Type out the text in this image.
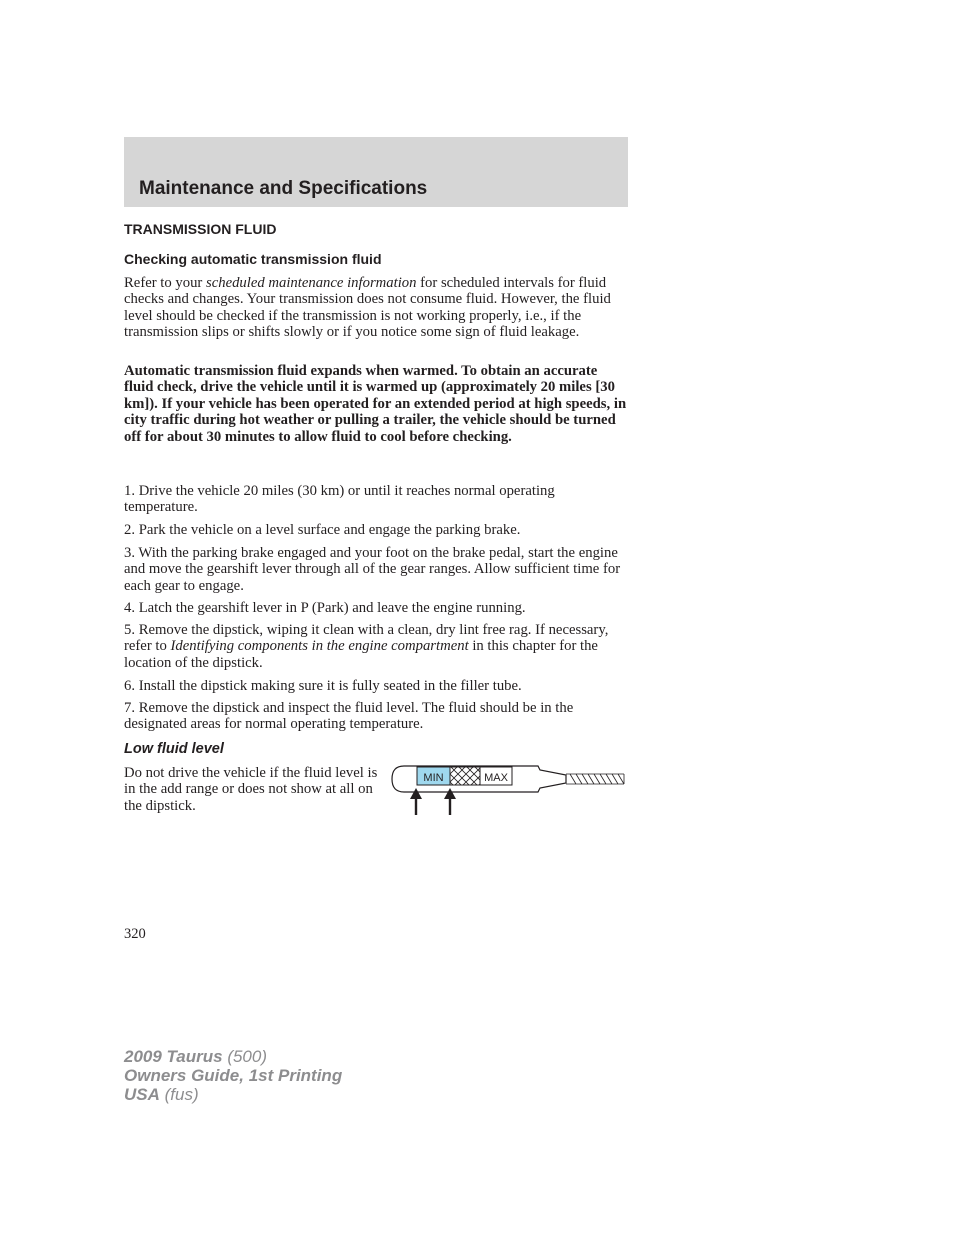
Maintenance and Specifications
TRANSMISSION FLUID
Checking automatic transmission fluid

Refer to your scheduled maintenance information for scheduled intervals for fluid checks and changes. Your transmission does not consume fluid. However, the fluid level should be checked if the transmission is not working properly, i.e., if the transmission slips or shifts slowly or if you notice some sign of fluid leakage.

Automatic transmission fluid expands when warmed. To obtain an accurate fluid check, drive the vehicle until it is warmed up (approximately 20 miles [30 km]). If your vehicle has been operated for an extended period at high speeds, in city traffic during hot weather or pulling a trailer, the vehicle should be turned off for about 30 minutes to allow fluid to cool before checking.

1. Drive the vehicle 20 miles (30 km) or until it reaches normal operating temperature.

2. Park the vehicle on a level surface and engage the parking brake.

3. With the parking brake engaged and your foot on the brake pedal, start the engine and move the gearshift lever through all of the gear ranges. Allow sufficient time for each gear to engage.

4. Latch the gearshift lever in P (Park) and leave the engine running.

5. Remove the dipstick, wiping it clean with a clean, dry lint free rag. If necessary, refer to Identifying components in the engine compartment in this chapter for the location of the dipstick.

6. Install the dipstick making sure it is fully seated in the filler tube.

7. Remove the dipstick and inspect the fluid level. The fluid should be in the designated areas for normal operating temperature.

Low fluid level

Do not drive the vehicle if the fluid level is in the add range or does not show at all on the dipstick.

MIN	MAX
320
2009 Taurus (500)
Owners Guide, 1st Printing
USA (fus)
